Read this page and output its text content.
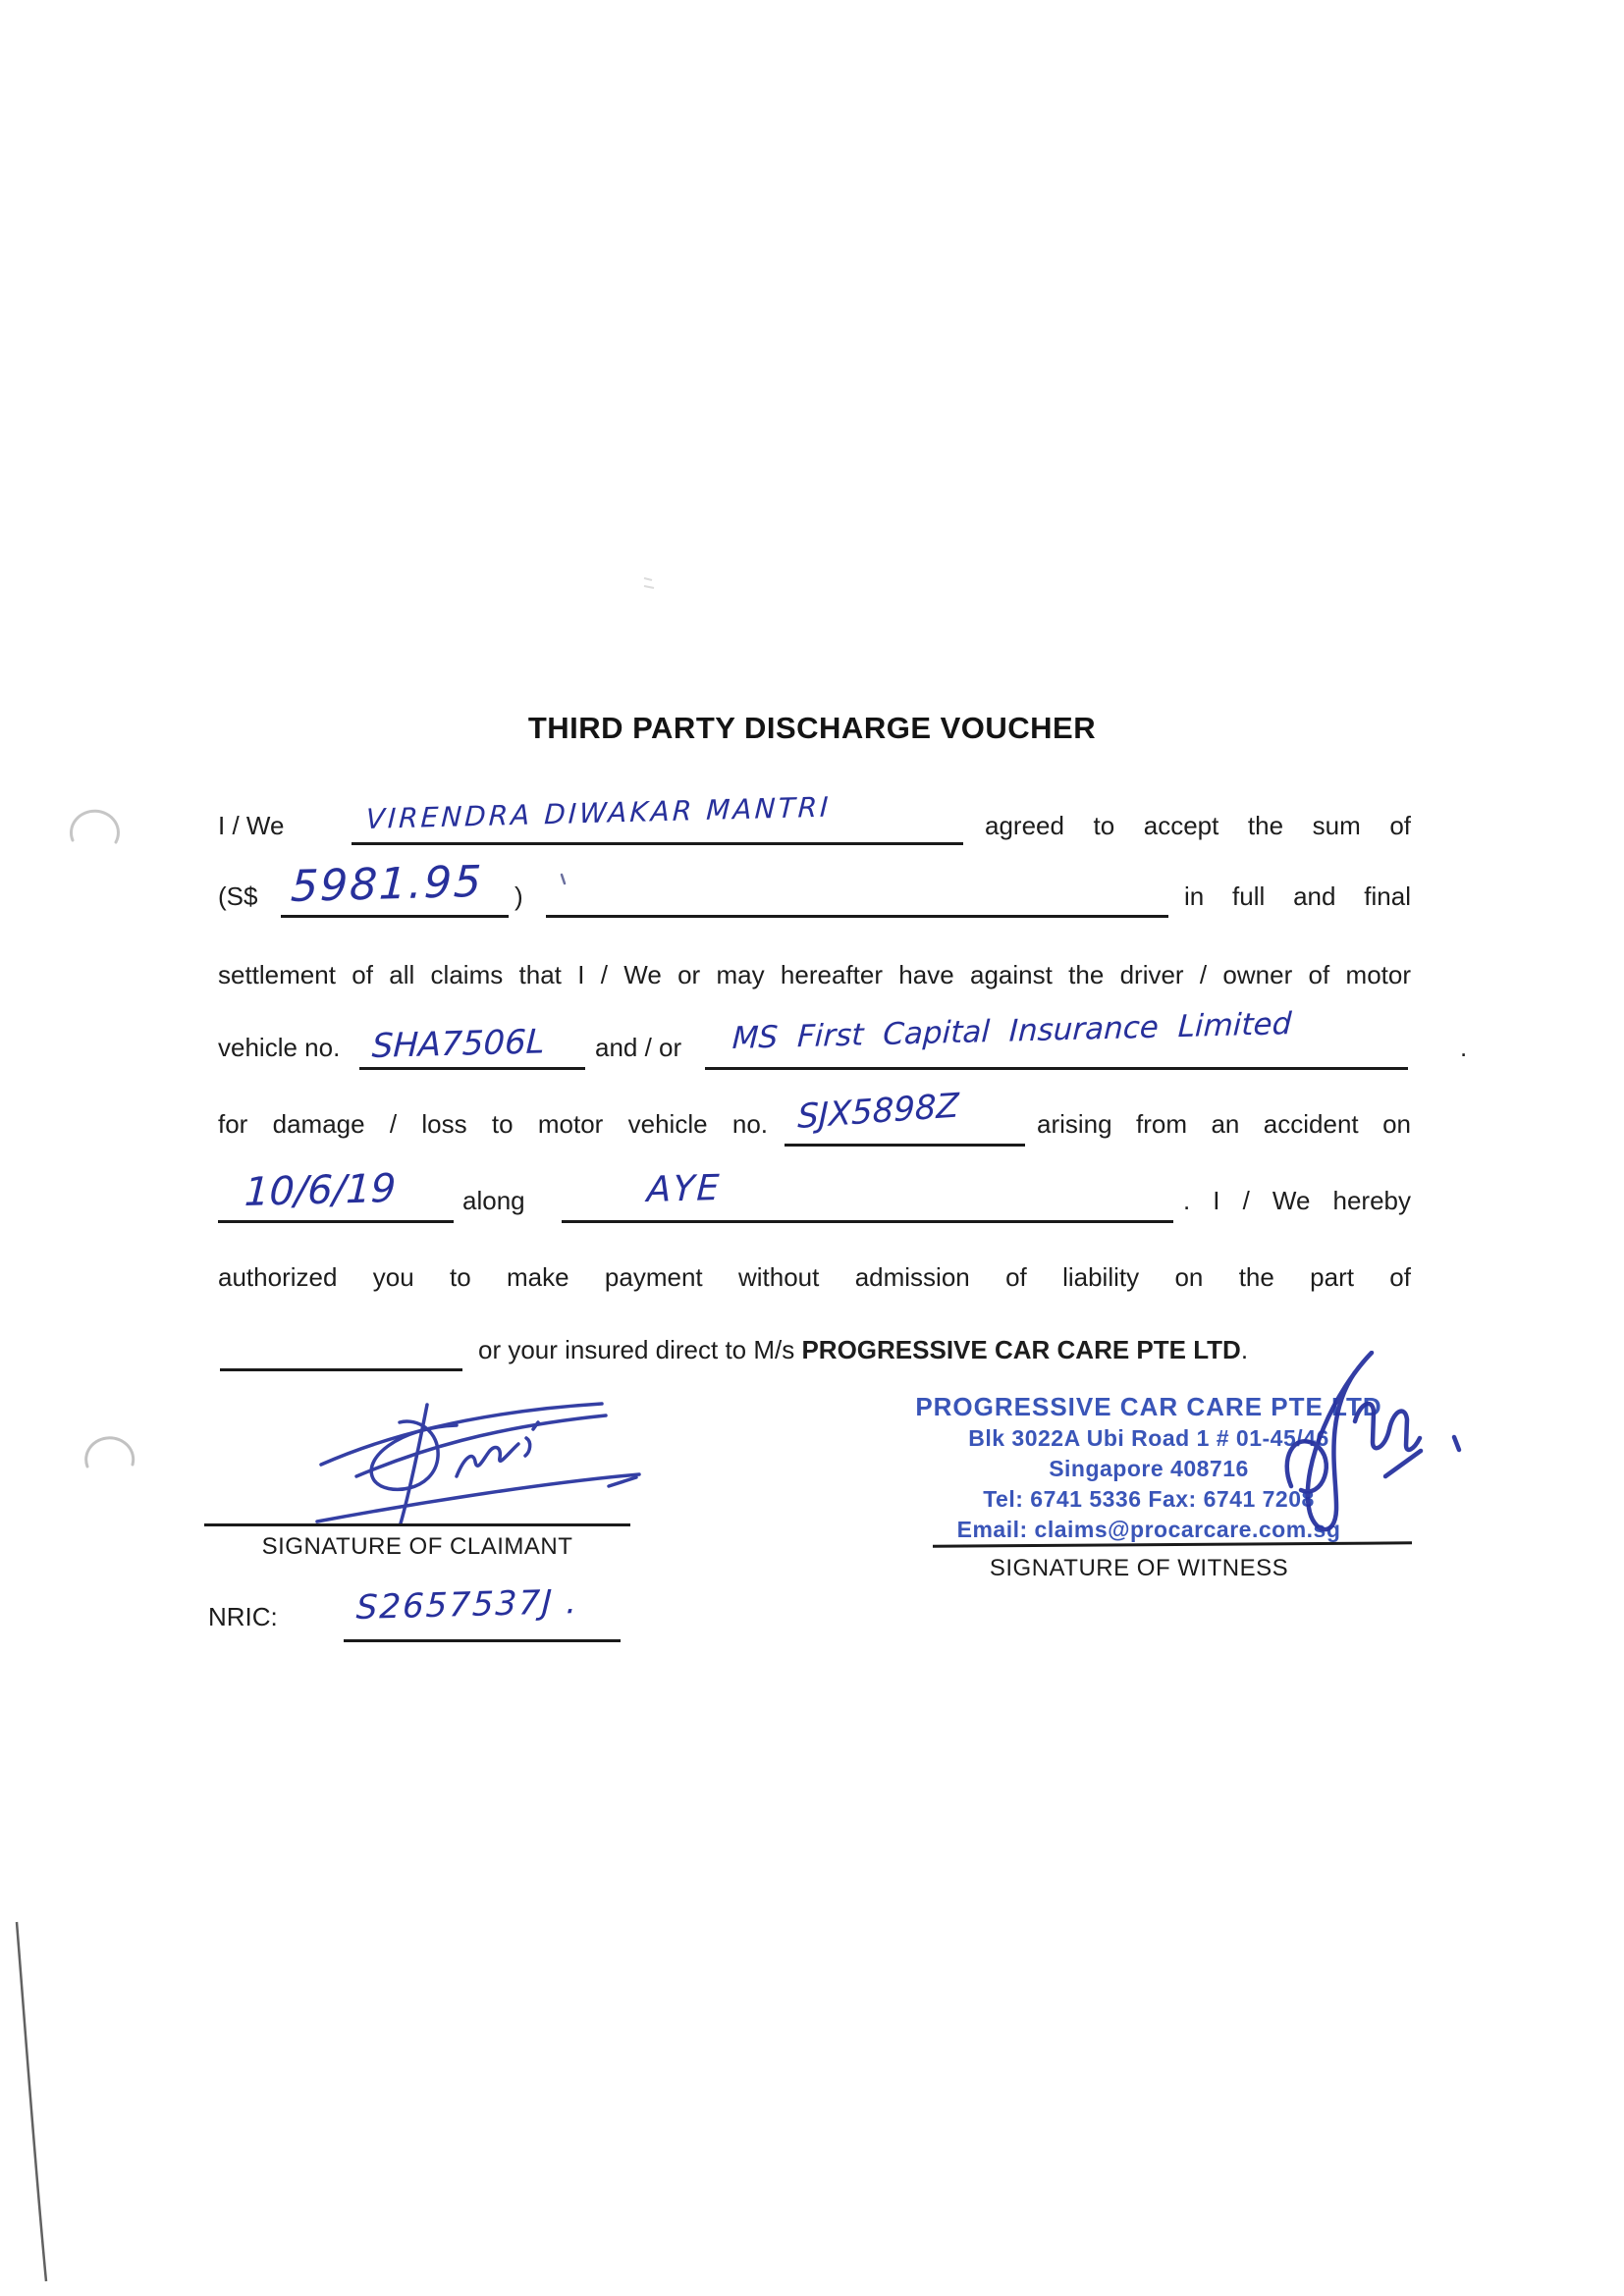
THIRD PARTY DISCHARGE VOUCHER
I / We	VIRENDRA DIWAKAR MANTRI	agreed to accept the sum of
(S$ 5981.95 )	in full and final
settlement of all claims that I / We or may hereafter have against the driver / owner of motor
vehicle no. SHA7506L and / or MS First Capital Insurance Limited	.
for damage / loss to motor vehicle no. SJX5898Z	arising from an accident on
10/6/19	along	AYE	. I / We hereby
authorized you to make payment without admission of liability on the part of
or your insured direct to M/s PROGRESSIVE CAR CARE PTE LTD.
SIGNATURE OF CLAIMANT
NRIC: S2657537J .
PROGRESSIVE CAR CARE PTE LTD
Blk 3022A Ubi Road 1 # 01-45/46
Singapore 408716
Tel: 6741 5336 Fax: 6741 7208
Email: claims@procarcare.com.sg
SIGNATURE OF WITNESS
